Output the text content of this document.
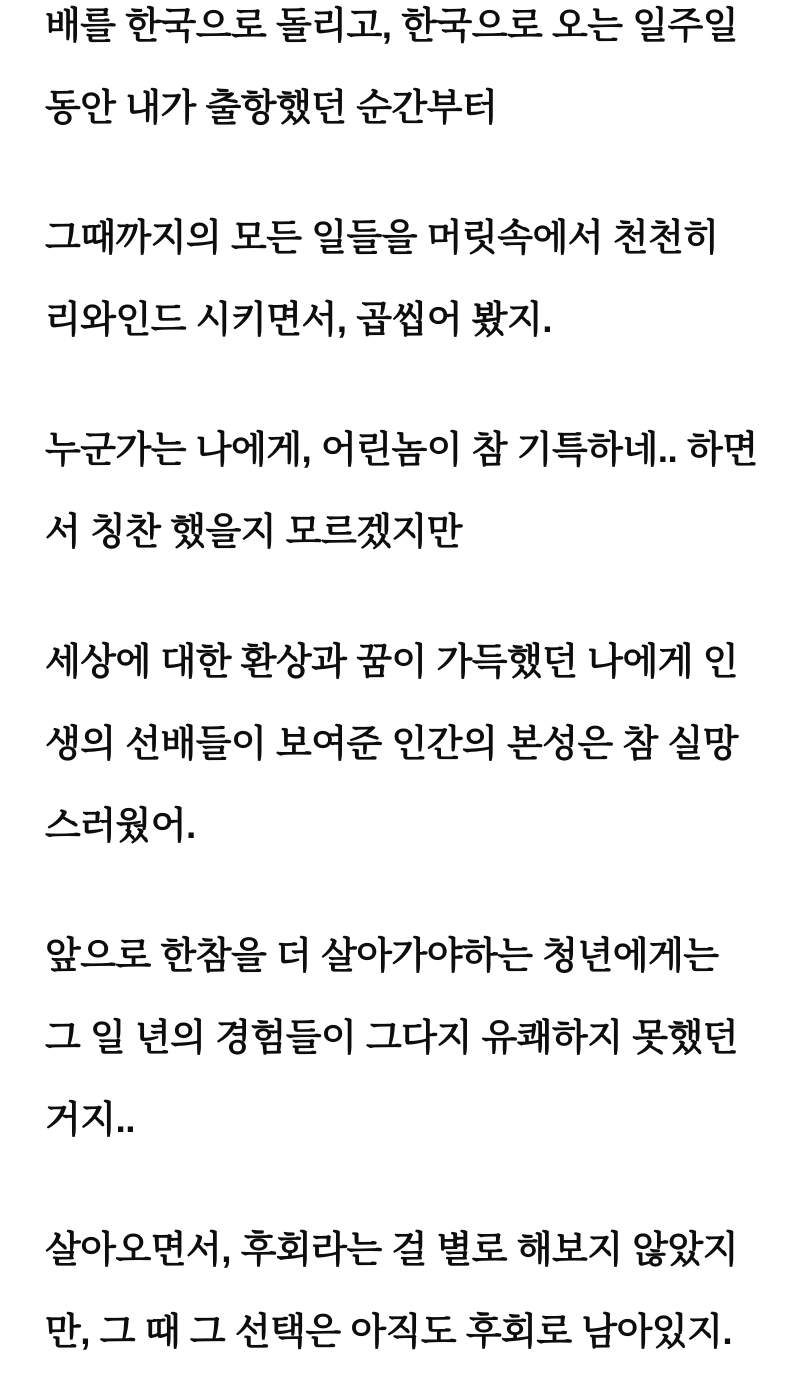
배를 한국으로 돌리고, 한국으로 오는 일주일
동안 내가 출항했던 순간부터
그때까지의 모든 일들을 머릿속에서 천천히
리와인드 시키면서, 곱씹어 봤지.
누군가는 나에게, 어린놈이 참 기특하네.. 하면
서 칭찬 했을지 모르겠지만
세상에 대한 환상과 꿈이 가득했던 나에게 인
생의 선배들이 보여준 인간의 본성은 참 실망
스러웠어.
앞으로 한참을 더 살아가야하는 청년에게는
그 일 년의 경험들이 그다지 유쾌하지 못했던
거지..
살아오면서, 후회라는 걸 별로 해보지 않았지
만, 그 때 그 선택은 아직도 후회로 남아있지.
